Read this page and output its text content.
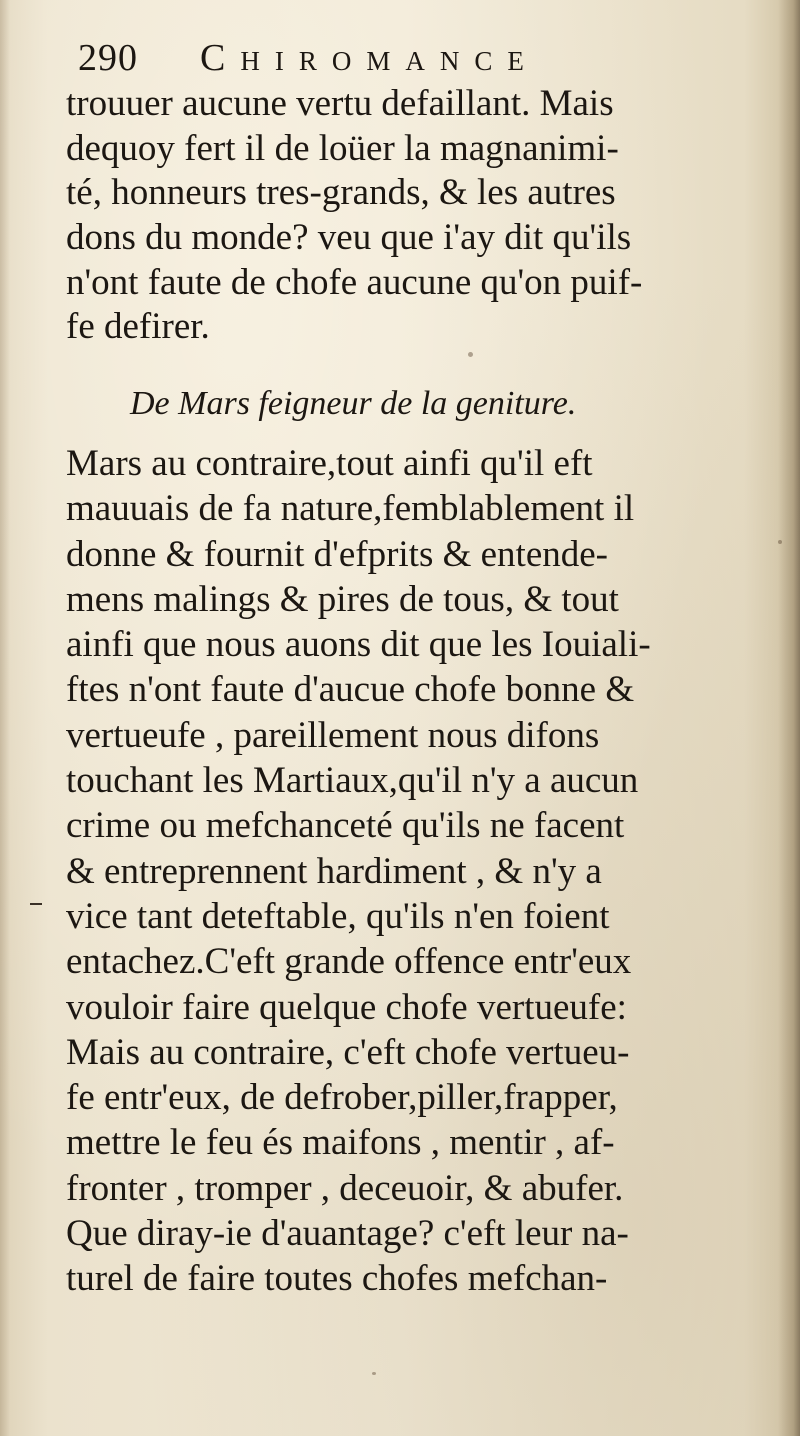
290 Chiromance
trouuer aucune vertu defaillant. Mais
dequoy fert il de loüer la magnanimi-
té, honneurs tres-grands, & les autres
dons du monde? veu que i'ay dit qu'ils
n'ont faute de chofe aucune qu'on puif-
fe defirer.
De Mars feigneur de la geniture.
Mars au contraire,tout ainfi qu'il eft
mauuais de fa nature,femblablement il
donne & fournit d'efprits & entende-
mens malings & pires de tous, & tout
ainfi que nous auons dit que les Iouiali-
ftes n'ont faute d'aucue chofe bonne &
vertueufe , pareillement nous difons
touchant les Martiaux,qu'il n'y a aucun
crime ou mefchanceté qu'ils ne facent
& entreprennent hardiment , & n'y a
vice tant deteftable, qu'ils n'en foient
entachez.C'eft grande offence entr'eux
vouloir faire quelque chofe vertueufe:
Mais au contraire, c'eft chofe vertueu-
fe entr'eux, de defrober,piller,frapper,
mettre le feu és maifons , mentir , af-
fronter , tromper , deceuoir, & abufer.
Que diray-ie d'auantage? c'eft leur na-
turel de faire toutes chofes mefchan-
